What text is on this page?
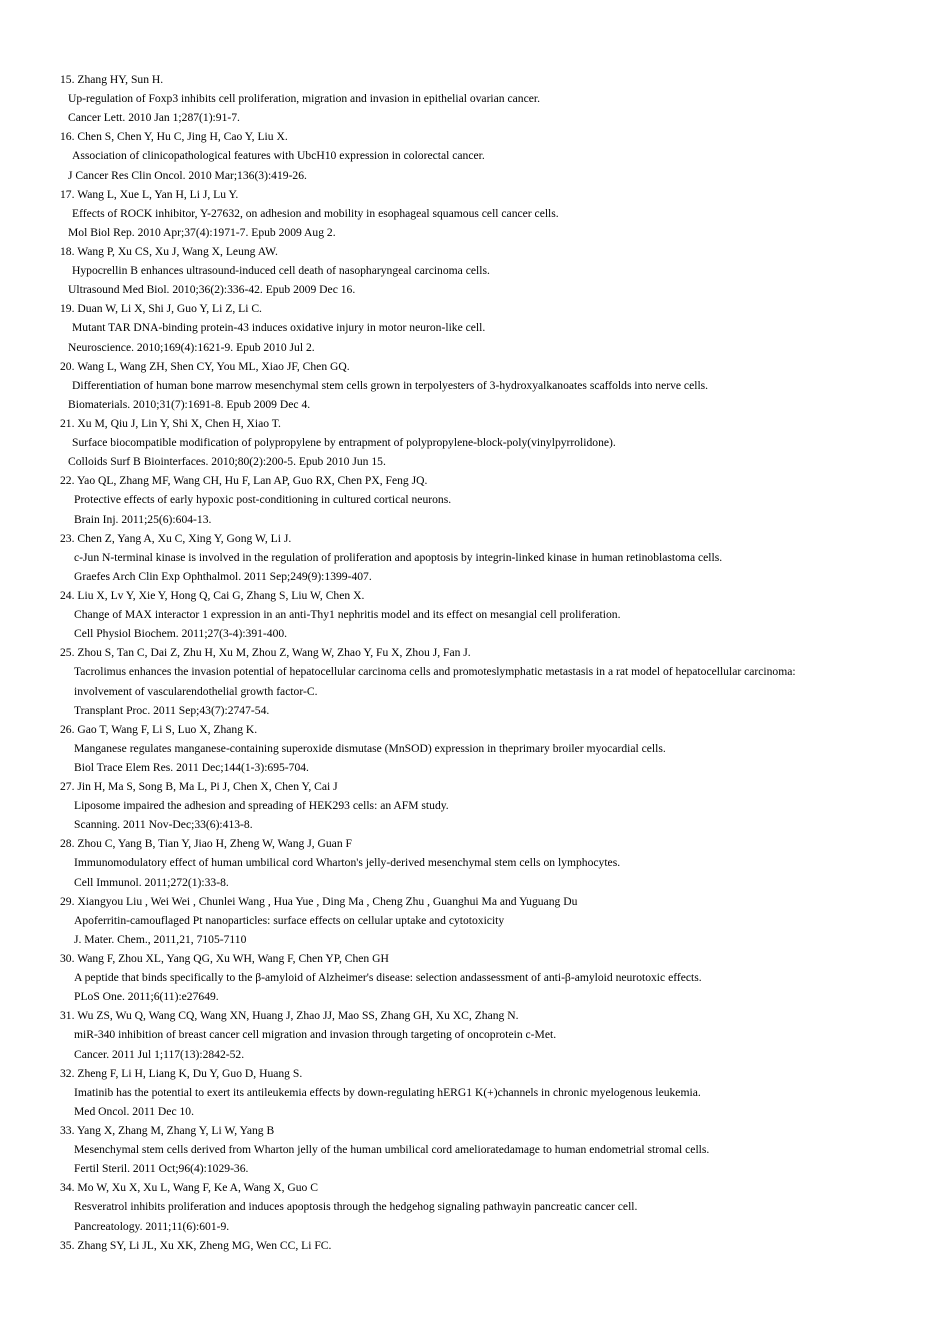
15. Zhang HY, Sun H.
Up-regulation of Foxp3 inhibits cell proliferation, migration and invasion in epithelial ovarian cancer.
Cancer Lett. 2010 Jan 1;287(1):91-7.
16. Chen S, Chen Y, Hu C, Jing H, Cao Y, Liu X.
Association of clinicopathological features with UbcH10 expression in colorectal cancer.
J Cancer Res Clin Oncol. 2010 Mar;136(3):419-26.
17. Wang L, Xue L, Yan H, Li J, Lu Y.
Effects of ROCK inhibitor, Y-27632, on adhesion and mobility in esophageal squamous cell cancer cells.
Mol Biol Rep. 2010 Apr;37(4):1971-7. Epub 2009 Aug 2.
18. Wang P, Xu CS, Xu J, Wang X, Leung AW.
Hypocrellin B enhances ultrasound-induced cell death of nasopharyngeal carcinoma cells.
Ultrasound Med Biol. 2010;36(2):336-42. Epub 2009 Dec 16.
19. Duan W, Li X, Shi J, Guo Y, Li Z, Li C.
Mutant TAR DNA-binding protein-43 induces oxidative injury in motor neuron-like cell.
Neuroscience. 2010;169(4):1621-9. Epub 2010 Jul 2.
20. Wang L, Wang ZH, Shen CY, You ML, Xiao JF, Chen GQ.
Differentiation of human bone marrow mesenchymal stem cells grown in terpolyesters of 3-hydroxyalkanoates scaffolds into nerve cells.
Biomaterials. 2010;31(7):1691-8. Epub 2009 Dec 4.
21. Xu M, Qiu J, Lin Y, Shi X, Chen H, Xiao T.
Surface biocompatible modification of polypropylene by entrapment of polypropylene-block-poly(vinylpyrrolidone).
Colloids Surf B Biointerfaces. 2010;80(2):200-5. Epub 2010 Jun 15.
22. Yao QL, Zhang MF, Wang CH, Hu F, Lan AP, Guo RX, Chen PX, Feng JQ.
Protective effects of early hypoxic post-conditioning in cultured cortical neurons.
Brain Inj. 2011;25(6):604-13.
23. Chen Z, Yang A, Xu C, Xing Y, Gong W, Li J.
c-Jun N-terminal kinase is involved in the regulation of proliferation and apoptosis by integrin-linked kinase in human retinoblastoma cells.
Graefes Arch Clin Exp Ophthalmol. 2011 Sep;249(9):1399-407.
24. Liu X, Lv Y, Xie Y, Hong Q, Cai G, Zhang S, Liu W, Chen X.
Change of MAX interactor 1 expression in an anti-Thy1 nephritis model and its effect on mesangial cell proliferation.
Cell Physiol Biochem. 2011;27(3-4):391-400.
25. Zhou S, Tan C, Dai Z, Zhu H, Xu M, Zhou Z, Wang W, Zhao Y, Fu X, Zhou J, Fan J.
Tacrolimus enhances the invasion potential of hepatocellular carcinoma cells and promoteslymphatic metastasis in a rat model of hepatocellular carcinoma:
involvement of vascularendothelial growth factor-C.
Transplant Proc. 2011 Sep;43(7):2747-54.
26. Gao T, Wang F, Li S, Luo X, Zhang K.
Manganese regulates manganese-containing superoxide dismutase (MnSOD) expression in theprimary broiler myocardial cells.
Biol Trace Elem Res. 2011 Dec;144(1-3):695-704.
27. Jin H, Ma S, Song B, Ma L, Pi J, Chen X, Chen Y, Cai J
Liposome impaired the adhesion and spreading of HEK293 cells: an AFM study.
Scanning. 2011 Nov-Dec;33(6):413-8.
28. Zhou C, Yang B, Tian Y, Jiao H, Zheng W, Wang J, Guan F
Immunomodulatory effect of human umbilical cord Wharton's jelly-derived mesenchymal stem cells on lymphocytes.
Cell Immunol. 2011;272(1):33-8.
29. Xiangyou Liu , Wei Wei , Chunlei Wang , Hua Yue , Ding Ma , Cheng Zhu , Guanghui Ma and Yuguang Du
Apoferritin-camouflaged Pt nanoparticles: surface effects on cellular uptake and cytotoxicity
J. Mater. Chem., 2011,21, 7105-7110
30. Wang F, Zhou XL, Yang QG, Xu WH, Wang F, Chen YP, Chen GH
A peptide that binds specifically to the β-amyloid of Alzheimer's disease: selection andassessment of anti-β-amyloid neurotoxic effects.
PLoS One. 2011;6(11):e27649.
31. Wu ZS, Wu Q, Wang CQ, Wang XN, Huang J, Zhao JJ, Mao SS, Zhang GH, Xu XC, Zhang N.
miR-340 inhibition of breast cancer cell migration and invasion through targeting of oncoprotein c-Met.
Cancer. 2011 Jul 1;117(13):2842-52.
32. Zheng F, Li H, Liang K, Du Y, Guo D, Huang S.
Imatinib has the potential to exert its antileukemia effects by down-regulating hERG1 K(+)channels in chronic myelogenous leukemia.
Med Oncol. 2011 Dec 10.
33. Yang X, Zhang M, Zhang Y, Li W, Yang B
Mesenchymal stem cells derived from Wharton jelly of the human umbilical cord amelioratedamage to human endometrial stromal cells.
Fertil Steril. 2011 Oct;96(4):1029-36.
34. Mo W, Xu X, Xu L, Wang F, Ke A, Wang X, Guo C
Resveratrol inhibits proliferation and induces apoptosis through the hedgehog signaling pathwayin pancreatic cancer cell.
Pancreatology. 2011;11(6):601-9.
35. Zhang SY, Li JL, Xu XK, Zheng MG, Wen CC, Li FC.
